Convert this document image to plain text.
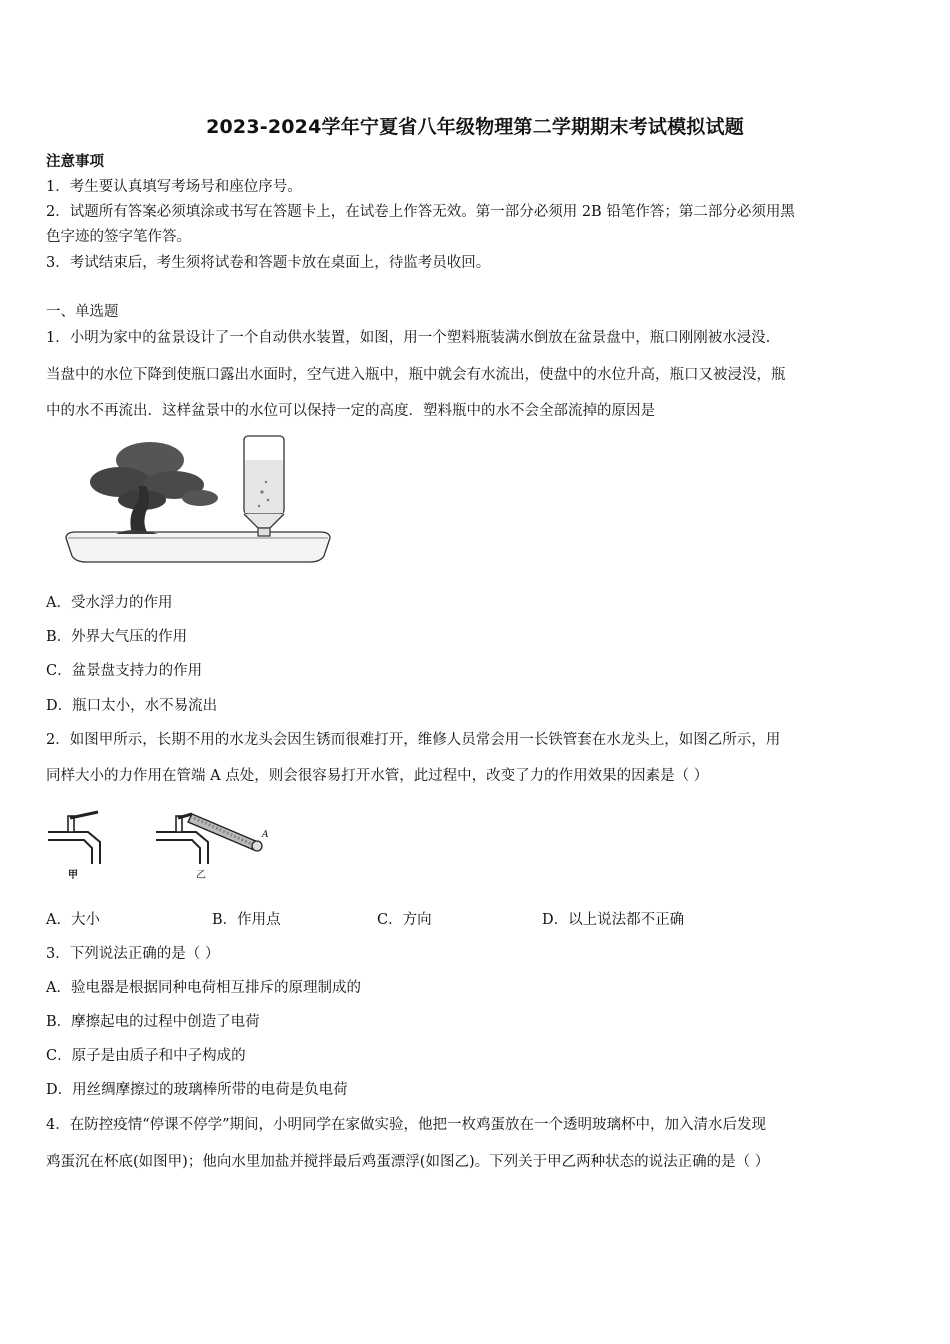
2023-2024学年宁夏省八年级物理第二学期期末考试模拟试题
注意事项
1．考生要认真填写考场号和座位序号。
2．试题所有答案必须填涂或书写在答题卡上，在试卷上作答无效。第一部分必须用 2B 铅笔作答；第二部分必须用黑
色字迹的签字笔作答。
3．考试结束后，考生须将试卷和答题卡放在桌面上，待监考员收回。
一、单选题
1．小明为家中的盆景设计了一个自动供水装置，如图，用一个塑料瓶装满水倒放在盆景盘中，瓶口刚刚被水浸没．
当盘中的水位下降到使瓶口露出水面时，空气进入瓶中，瓶中就会有水流出，使盘中的水位升高，瓶口又被浸没，瓶
中的水不再流出．这样盆景中的水位可以保持一定的高度．塑料瓶中的水不会全部流掉的原因是
A．受水浮力的作用
B．外界大气压的作用
C．盆景盘支持力的作用
D．瓶口太小，水不易流出
2．如图甲所示，长期不用的水龙头会因生锈而很难打开，维修人员常会用一长铁管套在水龙头上，如图乙所示，用
同样大小的力作用在管端 A 点处，则会很容易打开水管，此过程中，改变了力的作用效果的因素是（ ）
甲	乙
A
A．大小	B．作用点	C．方向	D．以上说法都不正确
3．下列说法正确的是（ ）
A．验电器是根据同种电荷相互排斥的原理制成的
B．摩擦起电的过程中创造了电荷
C．原子是由质子和中子构成的
D．用丝绸摩擦过的玻璃棒所带的电荷是负电荷
4．在防控疫情“停课不停学”期间，小明同学在家做实验，他把一枚鸡蛋放在一个透明玻璃杯中，加入清水后发现
鸡蛋沉在杯底(如图甲)；他向水里加盐并搅拌最后鸡蛋漂浮(如图乙)。下列关于甲乙两种状态的说法正确的是（ ）
